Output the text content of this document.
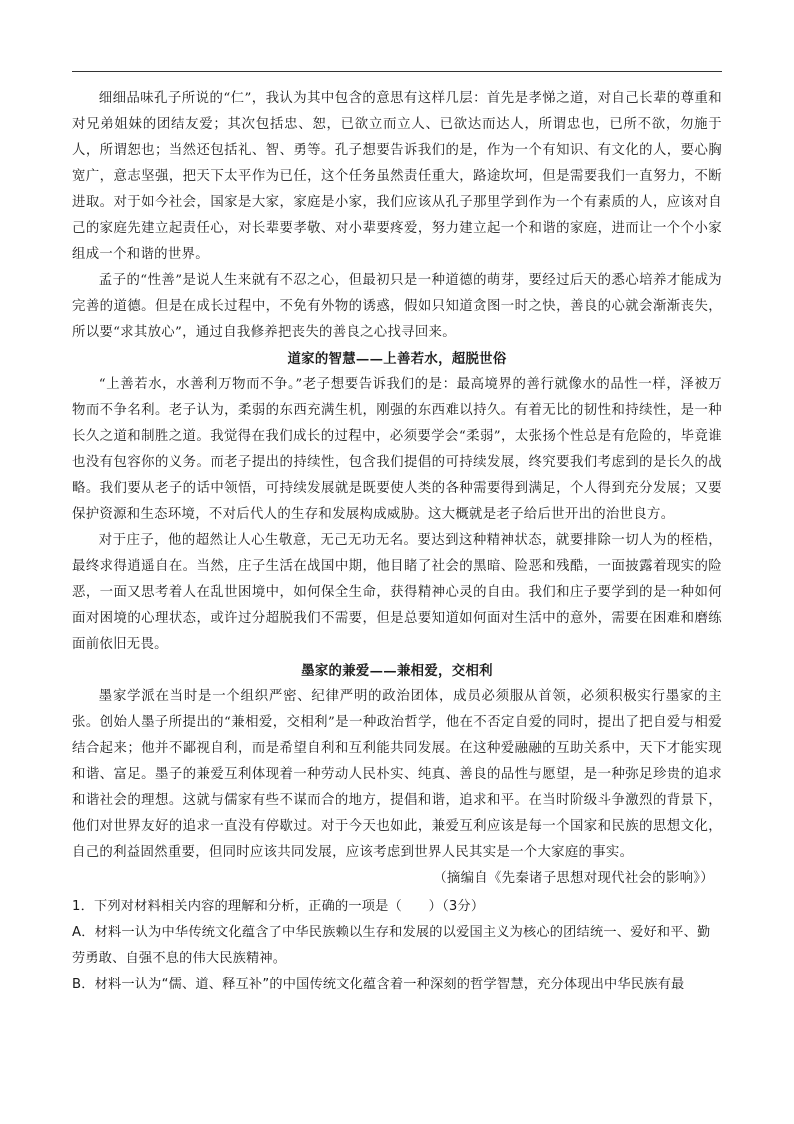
细细品味孔子所说的“仁”，我认为其中包含的意思有这样几层：首先是孝悌之道，对自己长辈的尊重和对兄弟姐妹的团结友爱；其次包括忠、恕，已欲立而立人、已欲达而达人，所谓忠也，已所不欲，勿施于人，所谓恕也；当然还包括礼、智、勇等。孔子想要告诉我们的是，作为一个有知识、有文化的人，要心胸宽广，意志坚强，把天下太平作为已任，这个任务虽然责任重大，路途坎坷，但是需要我们一直努力，不断进取。对于如今社会，国家是大家，家庭是小家，我们应该从孔子那里学到作为一个有素质的人，应该对自己的家庭先建立起责任心，对长辈要孝敬、对小辈要疼爱，努力建立起一个和谐的家庭，进而让一个个小家组成一个和谐的世界。

孟子的“性善”是说人生来就有不忍之心，但最初只是一种道德的萌芽，要经过后天的悉心培养才能成为完善的道德。但是在成长过程中，不免有外物的诱惑，假如只知道贪图一时之快，善良的心就会渐渐丧失，所以要“求其放心”，通过自我修养把丧失的善良之心找寻回来。

道家的智慧——上善若水，超脱世俗

“上善若水，水善利万物而不争。”老子想要告诉我们的是：最高境界的善行就像水的品性一样，泽被万物而不争名利。老子认为，柔弱的东西充满生机，刚强的东西难以持久。有着无比的韧性和持续性，是一种长久之道和制胜之道。我觉得在我们成长的过程中，必须要学会“柔弱”，太张扬个性总是有危险的，毕竟谁也没有包容你的义务。而老子提出的持续性，包含我们提倡的可持续发展，终究要我们考虑到的是长久的战略。我们要从老子的话中领悟，可持续发展就是既要使人类的各种需要得到满足，个人得到充分发展；又要保护资源和生态环境，不对后代人的生存和发展构成威胁。这大概就是老子给后世开出的治世良方。

对于庄子，他的超然让人心生敬意，无己无功无名。要达到这种精神状态，就要排除一切人为的桎梏，最终求得逍遥自在。当然，庄子生活在战国中期，他目睹了社会的黑暗、险恶和残酷，一面披露着现实的险恶，一面又思考着人在乱世困境中，如何保全生命，获得精神心灵的自由。我们和庄子要学到的是一种如何面对困境的心理状态，或许过分超脱我们不需要，但是总要知道如何面对生活中的意外，需要在困难和磨练面前依旧无畏。

墨家的兼爱——兼相爱，交相利

墨家学派在当时是一个组织严密、纪律严明的政治团体，成员必须服从首领，必须积极实行墨家的主张。创始人墨子所提出的“兼相爱，交相利”是一种政治哲学，他在不否定自爱的同时，提出了把自爱与相爱结合起来；他并不鄙视自利，而是希望自利和互利能共同发展。在这种爱融融的互助关系中，天下才能实现和谐、富足。墨子的兼爱互利体现着一种劳动人民朴实、纯真、善良的品性与愿望，是一种弥足珍贵的追求和谐社会的理想。这就与儒家有些不谋而合的地方，提倡和谐，追求和平。在当时阶级斗争激烈的背景下，他们对世界友好的追求一直没有停歇过。对于今天也如此，兼爱互利应该是每一个国家和民族的思想文化，自己的利益固然重要，但同时应该共同发展，应该考虑到世界人民其实是一个大家庭的事实。

（摘编自《先秦诸子思想对现代社会的影响》）

1．下列对材料相关内容的理解和分析，正确的一项是（　　）（3分）
A．材料一认为中华传统文化蕴含了中华民族赖以生存和发展的以爱国主义为核心的团结统一、爱好和平、勤劳勇敢、自强不息的伟大民族精神。
B．材料一认为“儒、道、释互补”的中国传统文化蕴含着一种深刻的哲学智慧，充分体现出中华民族有最
